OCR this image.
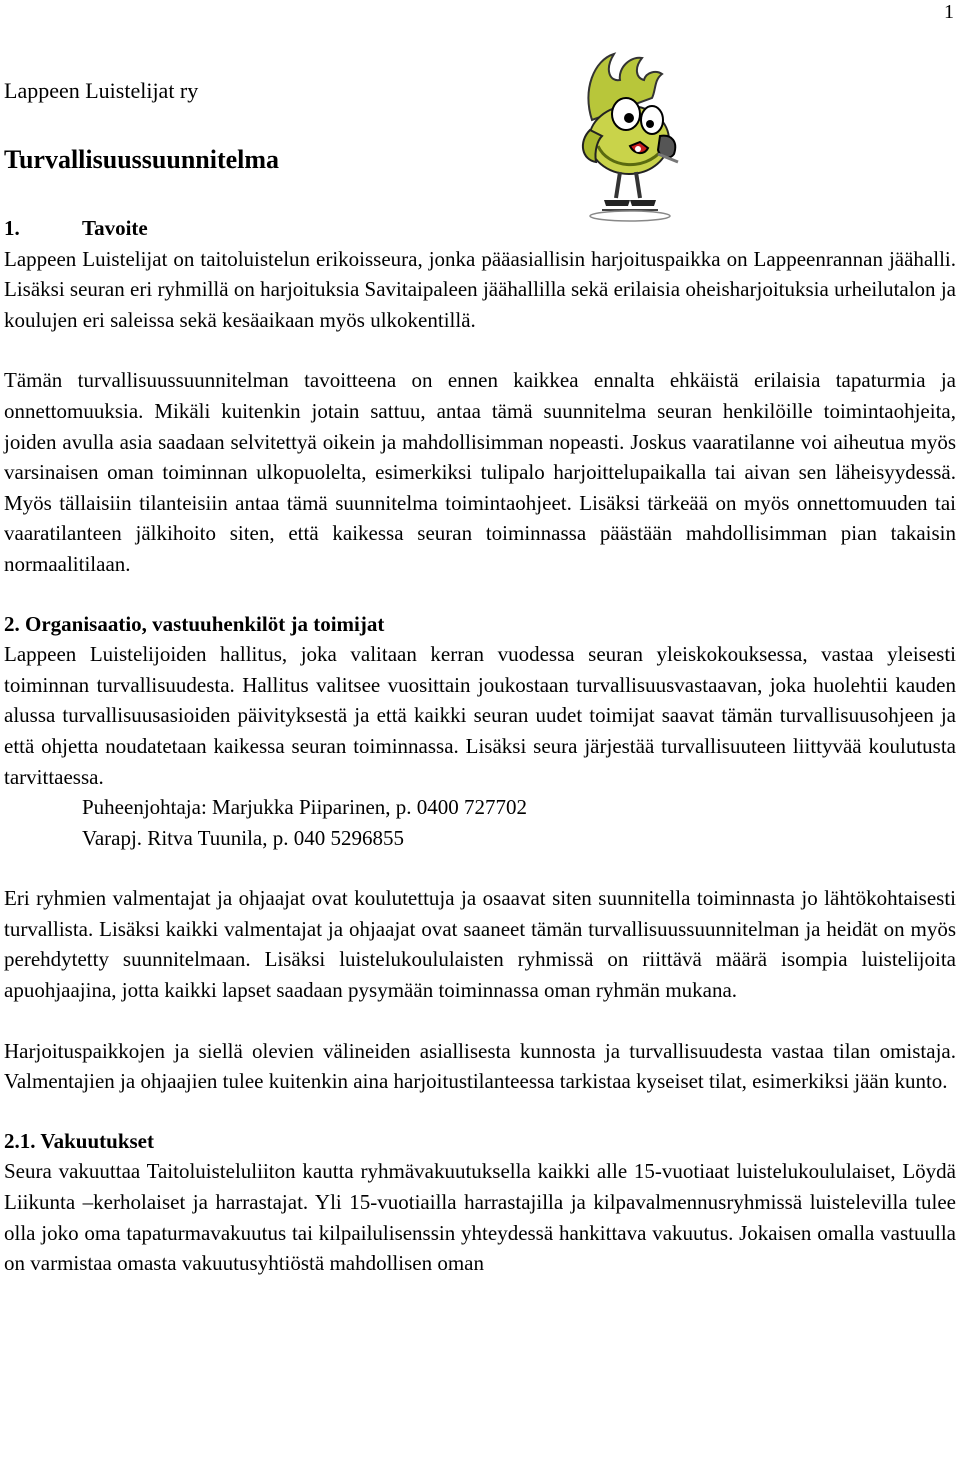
1
Lappeen Luistelijat ry
Turvallisuussuunnitelma

1.	Tavoite

Lappeen Luistelijat on taitoluistelun erikoisseura, jonka pääasiallisin harjoituspaikka on Lappeenrannan jäähalli. Lisäksi seuran eri ryhmillä on harjoituksia Savitaipaleen jäähallilla sekä erilaisia oheisharjoituksia urheilutalon ja koulujen eri saleissa sekä kesäaikaan myös ulkokentillä.

Tämän turvallisuussuunnitelman tavoitteena on ennen kaikkea ennalta ehkäistä erilaisia tapaturmia ja onnettomuuksia. Mikäli kuitenkin jotain sattuu, antaa tämä suunnitelma seuran henkilöille toimintaohjeita, joiden avulla asia saadaan selvitettyä oikein ja mahdollisimman nopeasti. Joskus vaaratilanne voi aiheutua myös varsinaisen oman toiminnan ulkopuolelta, esimerkiksi tulipalo harjoittelupaikalla tai aivan sen läheisyydessä. Myös tällaisiin tilanteisiin antaa tämä suunnitelma toimintaohjeet. Lisäksi tärkeää on myös onnettomuuden tai vaaratilanteen jälkihoito siten, että kaikessa seuran toiminnassa päästään mahdollisimman pian takaisin normaalitilaan.

2. Organisaatio, vastuuhenkilöt ja toimijat

Lappeen Luistelijoiden hallitus, joka valitaan kerran vuodessa seuran yleiskokouksessa, vastaa yleisesti toiminnan turvallisuudesta. Hallitus valitsee vuosittain joukostaan turvallisuusvastaavan, joka huolehtii kauden alussa turvallisuusasioiden päivityksestä ja että kaikki seuran uudet toimijat saavat tämän turvallisuusohjeen ja että ohjetta noudatetaan kaikessa seuran toiminnassa. Lisäksi seura järjestää turvallisuuteen liittyvää koulutusta tarvittaessa.

Puheenjohtaja: Marjukka Piiparinen, p. 0400 727702

Varapj. Ritva Tuunila, p. 040 5296855

Eri ryhmien valmentajat ja ohjaajat ovat koulutettuja ja osaavat siten suunnitella toiminnasta jo lähtökohtaisesti turvallista. Lisäksi kaikki valmentajat ja ohjaajat ovat saaneet tämän turvallisuussuunnitelman ja heidät on myös perehdytetty suunnitelmaan. Lisäksi luistelukoululaisten ryhmissä on riittävä määrä isompia luistelijoita apuohjaajina, jotta kaikki lapset saadaan pysymään toiminnassa oman ryhmän mukana.

Harjoituspaikkojen ja siellä olevien välineiden asiallisesta kunnosta ja turvallisuudesta vastaa tilan omistaja. Valmentajien ja ohjaajien tulee kuitenkin aina harjoitustilanteessa tarkistaa kyseiset tilat, esimerkiksi jään kunto.

2.1. Vakuutukset

Seura vakuuttaa Taitoluisteluliiton kautta ryhmävakuutuksella kaikki alle 15-vuotiaat luistelukoululaiset, Löydä Liikunta –kerholaiset ja harrastajat. Yli 15-vuotiailla harrastajilla ja kilpavalmennusryhmissä luistelevilla tulee olla joko oma tapaturmavakuutus tai kilpailulisenssin yhteydessä hankittava vakuutus. Jokaisen omalla vastuulla on varmistaa omasta vakuutusyhtiöstä mahdollisen oman
